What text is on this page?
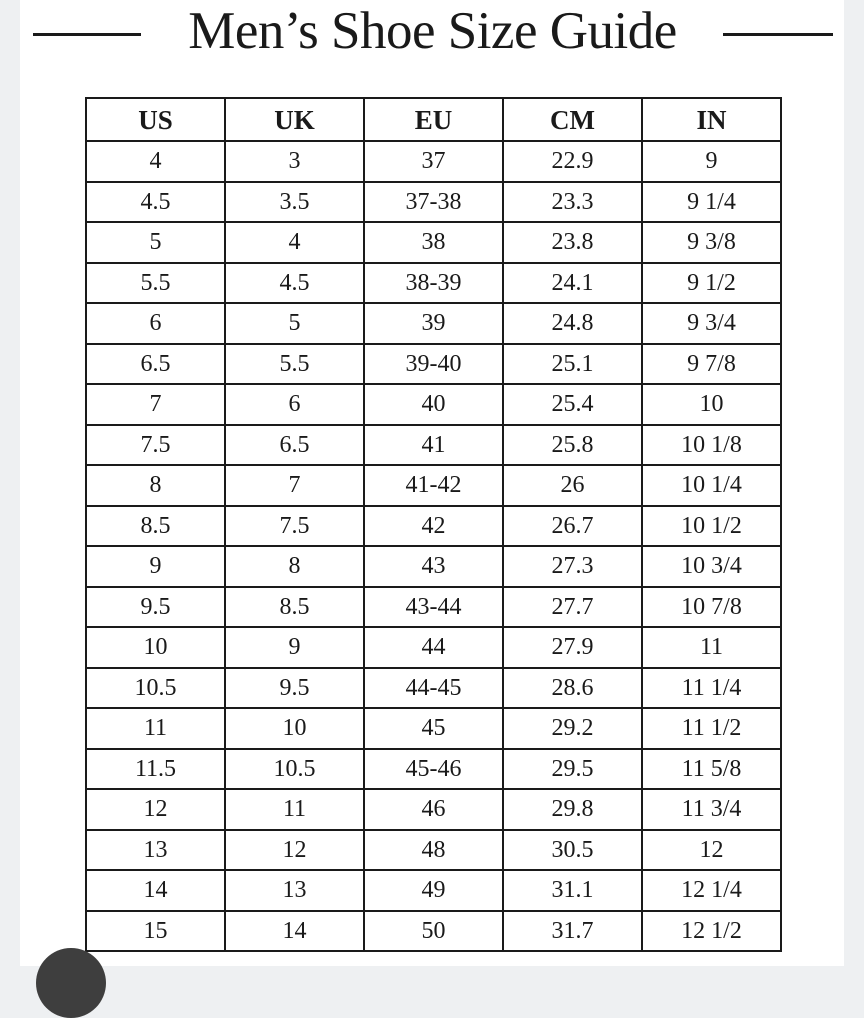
Men’s Shoe Size Guide
US	UK	EU	CM	IN
4	3	37	22.9	9
4.5	3.5	37-38	23.3	9 1/4
5	4	38	23.8	9 3/8
5.5	4.5	38-39	24.1	9 1/2
6	5	39	24.8	9 3/4
6.5	5.5	39-40	25.1	9 7/8
7	6	40	25.4	10
7.5	6.5	41	25.8	10 1/8
8	7	41-42	26	10 1/4
8.5	7.5	42	26.7	10 1/2
9	8	43	27.3	10 3/4
9.5	8.5	43-44	27.7	10 7/8
10	9	44	27.9	11
10.5	9.5	44-45	28.6	11 1/4
11	10	45	29.2	11 1/2
11.5	10.5	45-46	29.5	11 5/8
12	11	46	29.8	11 3/4
13	12	48	30.5	12
14	13	49	31.1	12 1/4
15	14	50	31.7	12 1/2
